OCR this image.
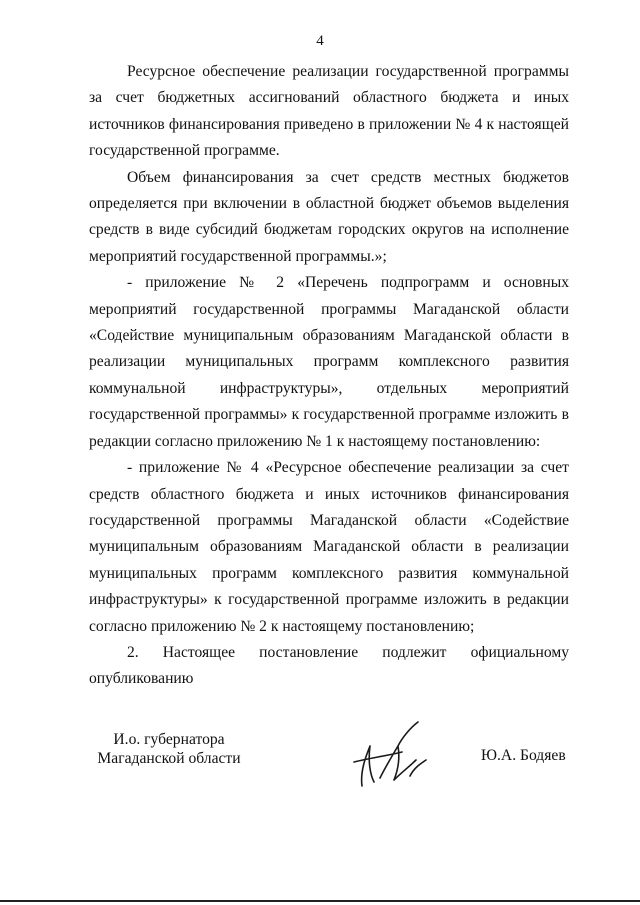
4

Ресурсное обеспечение реализации государственной программы за счет бюджетных ассигнований областного бюджета и иных источников финансирования приведено в приложении № 4 к настоящей государственной программе.

Объем финансирования за счет средств местных бюджетов определяется при включении в областной бюджет объемов выделения средств в виде субсидий бюджетам городских округов на исполнение мероприятий государственной программы.»;

- приложение № 2 «Перечень подпрограмм и основных мероприятий государственной программы Магаданской области «Содействие муниципальным образованиям Магаданской области в реализации муниципальных программ комплексного развития коммунальной инфраструктуры», отдельных мероприятий государственной программы» к государственной программе изложить в редакции согласно приложению № 1 к настоящему постановлению:

- приложение № 4 «Ресурсное обеспечение реализации за счет средств областного бюджета и иных источников финансирования государственной программы Магаданской области «Содействие муниципальным образованиям Магаданской области в реализации муниципальных программ комплексного развития коммунальной инфраструктуры» к государственной программе изложить в редакции согласно приложению № 2 к настоящему постановлению;

2. Настоящее постановление подлежит официальному опубликованию

И.о. губернатора
Магаданской области	Ю.А. Бодяев
